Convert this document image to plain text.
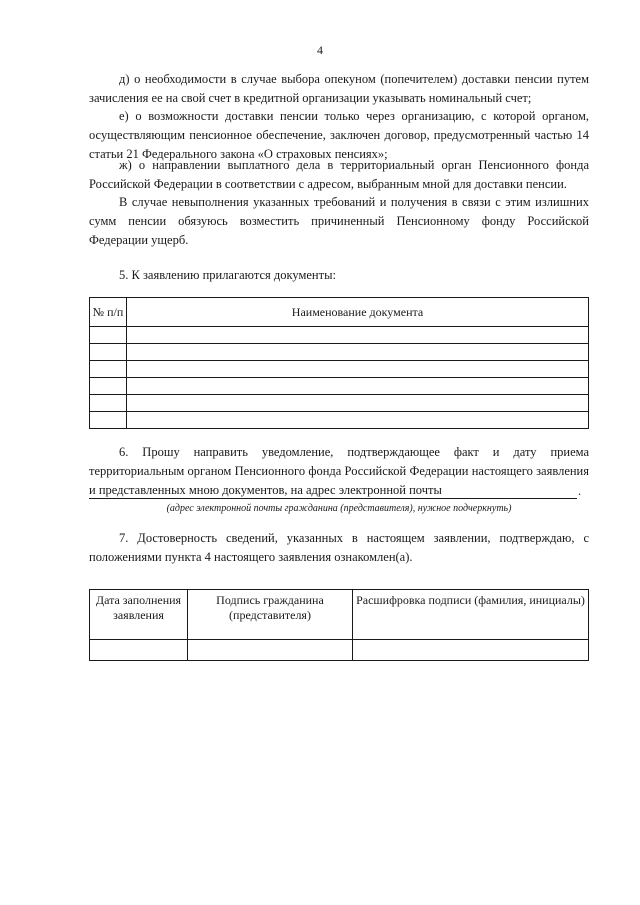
4

д) о необходимости в случае выбора опекуном (попечителем) доставки пенсии путем зачисления ее на свой счет в кредитной организации указывать номинальный счет;

е) о возможности доставки пенсии только через организацию, с которой органом, осуществляющим пенсионное обеспечение, заключен договор, предусмотренный частью 14 статьи 21 Федерального закона «О страховых пенсиях»;

ж) о направлении выплатного дела в территориальный орган Пенсионного фонда Российской Федерации в соответствии с адресом, выбранным мной для доставки пенсии.

В случае невыполнения указанных требований и получения в связи с этим излишних сумм пенсии обязуюсь возместить причиненный Пенсионному фонду Российской Федерации ущерб.

5. К заявлению прилагаются документы:

№ п/п	Наименование документа

6. Прошу направить уведомление, подтверждающее факт и дату приема территориальным органом Пенсионного фонда Российской Федерации настоящего заявления и представленных мною документов, на адрес электронной почты	.
(адрес электронной почты гражданина (представителя), нужное подчеркнуть)

7. Достоверность сведений, указанных в настоящем заявлении, подтверждаю, с положениями пункта 4 настоящего заявления ознакомлен(а).

Дата заполнения заявления	Подпись гражданина (представителя)	Расшифровка подписи (фамилия, инициалы)
